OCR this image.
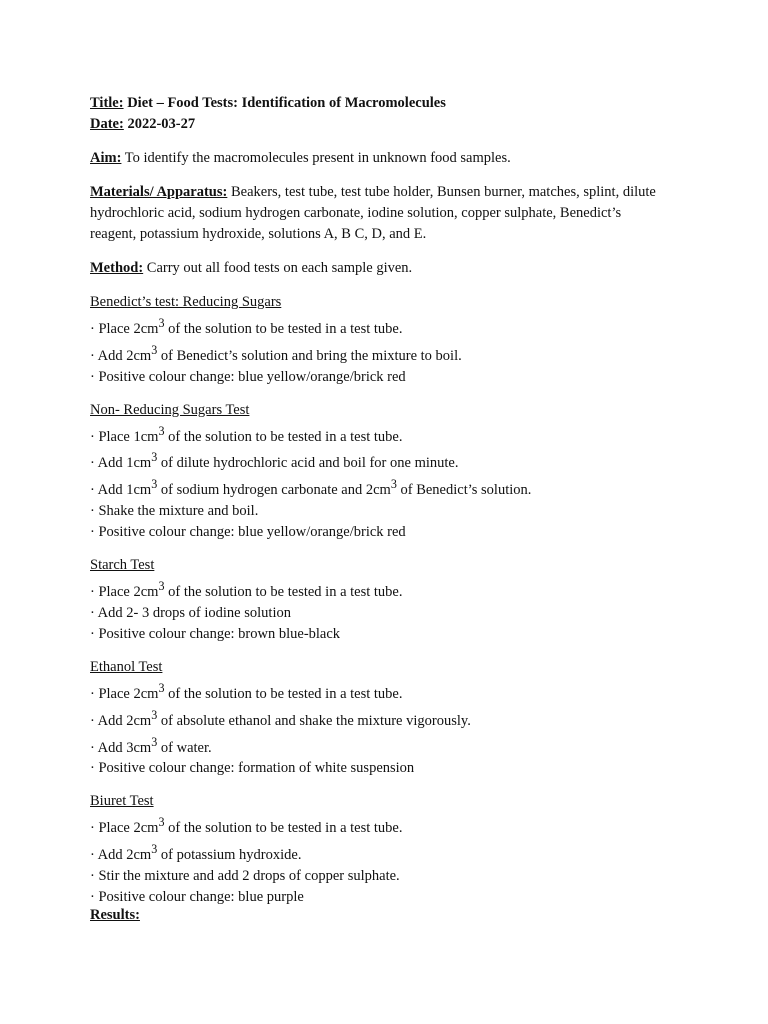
Title: Diet – Food Tests: Identification of Macromolecules
Date: 2022-03-27
Aim: To identify the macromolecules present in unknown food samples.
Materials/ Apparatus: Beakers, test tube, test tube holder, Bunsen burner, matches, splint, dilute hydrochloric acid, sodium hydrogen carbonate, iodine solution, copper sulphate, Benedict’s reagent, potassium hydroxide, solutions A, B C, D, and E.
Method: Carry out all food tests on each sample given.
Benedict’s test: Reducing Sugars
· Place $2cm^3$ of the solution to be tested in a test tube.
· Add $2cm^3$ of Benedict’s solution and bring the mixture to boil.
· Positive colour change: blue yellow/orange/brick red
Non- Reducing Sugars Test
· Place $1cm^3$ of the solution to be tested in a test tube.
· Add $1cm^3$ of dilute hydrochloric acid and boil for one minute.
· Add $1cm^3$ of sodium hydrogen carbonate and $2cm^3$ of Benedict’s solution.
· Shake the mixture and boil.
· Positive colour change: blue yellow/orange/brick red
Starch Test
· Place $2cm^3$ of the solution to be tested in a test tube.
· Add 2- 3 drops of iodine solution
· Positive colour change: brown blue-black
Ethanol Test
· Place $2cm^3$ of the solution to be tested in a test tube.
· Add $2cm^3$ of absolute ethanol and shake the mixture vigorously.
· Add $3cm^3$ of water.
· Positive colour change: formation of white suspension
Biuret Test
· Place $2cm^3$ of the solution to be tested in a test tube.
· Add $2cm^3$ of potassium hydroxide.
· Stir the mixture and add 2 drops of copper sulphate.
· Positive colour change: blue purple
Results:
